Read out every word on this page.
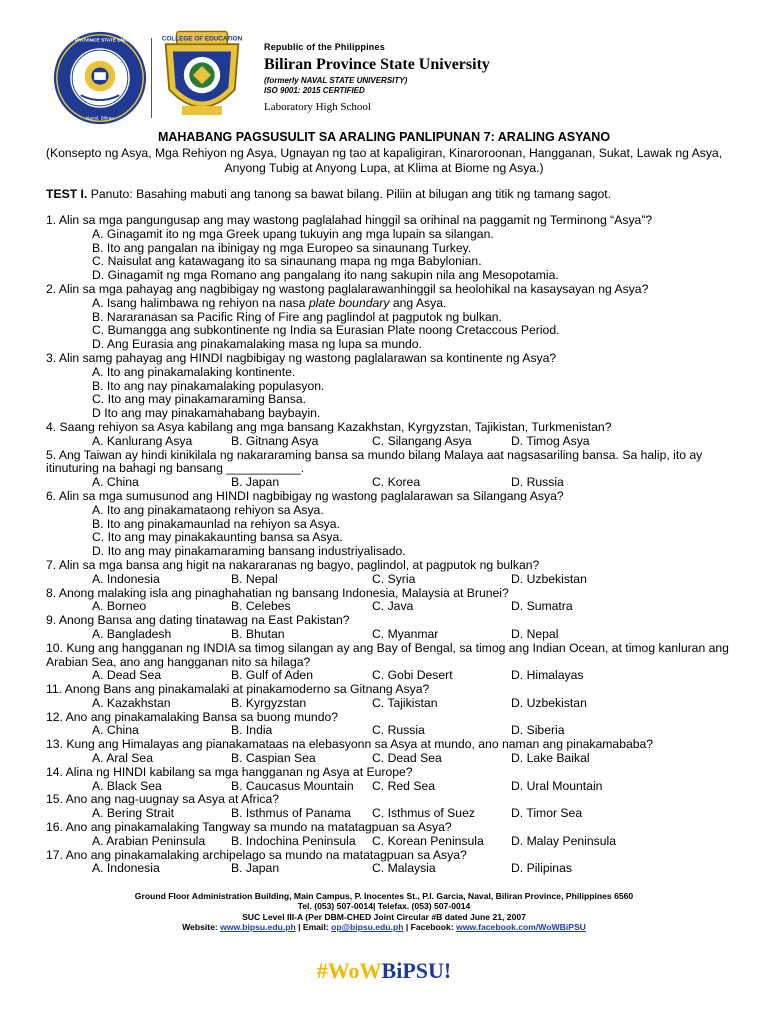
BILIRAN PROVINCE STATE UNIVERSITY
Naval, Biliran
COLLEGE OF EDUCATION
Republic of the Philippines
Biliran Province State University
(formerly NAVAL STATE UNIVERSITY)
ISO 9001: 2015 CERTIFIED
Laboratory High School
MAHABANG PAGSUSULIT SA ARALING PANLIPUNAN 7: ARALING ASYANO
(Konsepto ng Asya, Mga Rehiyon ng Asya, Ugnayan ng tao at kapaligiran, Kinaroroonan, Hangganan, Sukat, Lawak ng Asya, Anyong Tubig at Anyong Lupa, at Klima at Biome ng Asya.)
TEST I. Panuto: Basahing mabuti ang tanong sa bawat bilang. Piliin at bilugan ang titik ng tamang sagot.
1. Alin sa mga pangungusap ang may wastong paglalahad hinggil sa orihinal na paggamit ng Terminong “Asya”?
A. Ginagamit ito ng mga Greek upang tukuyin ang mga lupain sa silangan.
B. Ito ang pangalan na ibinigay ng mga Europeo sa sinaunang Turkey.
C. Naisulat ang katawagang ito sa sinaunang mapa ng mga Babylonian.
D. Ginagamit ng mga Romano ang pangalang ito nang sakupin nila ang Mesopotamia.
2. Alin sa mga pahayag ang nagbibigay ng wastong paglalarawanhinggil sa heolohikal na kasaysayan ng Asya?
A. Isang halimbawa ng rehiyon na nasa plate boundary ang Asya.
B. Nararanasan sa Pacific Ring of Fire ang paglindol at pagputok ng bulkan.
C. Bumangga ang subkontinente ng India sa Eurasian Plate noong Cretaccous Period.
D. Ang Eurasia ang pinakamalaking masa ng lupa sa mundo.
3. Alin samg pahayag ang HINDI nagbibigay ng wastong paglalarawan sa kontinente ng Asya?
A. Ito ang pinakamalaking kontinente.
B. Ito ang nay pinakamalaking populasyon.
C. Ito ang may pinakamaraming Bansa.
D Ito ang may pinakamahabang baybayin.
4. Saang rehiyon sa Asya kabilang ang mga bansang Kazakhstan, Kyrgyzstan, Tajikistan, Turkmenistan?
A. Kanlurang Asya	B. Gitnang Asya	C. Silangang Asya	D. Timog Asya
5. Ang Taiwan ay hindi kinikilala ng nakararaming bansa sa mundo bilang Malaya aat nagsasariling bansa. Sa halip, ito ay itinuturing na bahagi ng bansang ___________.
A. China	B. Japan	C. Korea	D. Russia
6. Alin sa mga sumusunod ang HINDI nagbibigay ng wastong paglalarawan sa Silangang Asya?
A. Ito ang pinakamataong rehiyon sa Asya.
B. Ito ang pinakamaunlad na rehiyon sa Asya.
C. Ito ang may pinakakaunting bansa sa Asya.
D. Ito ang may pinakamaraming bansang industriyalisado.
7. Alin sa mga bansa ang higit na nakararanas ng bagyo, paglindol, at pagputok ng bulkan?
A. Indonesia	B. Nepal	C. Syria	D. Uzbekistan
8. Anong malaking isla ang pinaghahatian ng bansang Indonesia, Malaysia at Brunei?
A. Borneo	B. Celebes	C. Java	D. Sumatra
9. Anong Bansa ang dating tinatawag na East Pakistan?
A. Bangladesh	B. Bhutan	C. Myanmar	D. Nepal
10. Kung ang hangganan ng INDIA sa timog silangan ay ang Bay of Bengal, sa timog ang Indian Ocean, at timog kanluran ang Arabian Sea, ano ang hangganan nito sa hilaga?
A. Dead Sea	B. Gulf of Aden	C. Gobi Desert	D. Himalayas
11. Anong Bans ang pinakamalaki at pinakamoderno sa Gitnang Asya?
A. Kazakhstan	B. Kyrgyzstan	C. Tajikistan	D. Uzbekistan
12. Ano ang pinakamalaking Bansa sa buong mundo?
A. China	B. India	C. Russia	D. Siberia
13. Kung ang Himalayas ang pianakamataas na elebasyonn sa Asya at mundo, ano naman ang pinakamababa?
A. Aral Sea	B. Caspian Sea	C. Dead Sea	D. Lake Baikal
14. Alina ng HINDI kabilang sa mga hangganan ng Asya at Europe?
A. Black Sea	B. Caucasus Mountain	C. Red Sea	D. Ural Mountain
15. Ano ang nag-uugnay sa Asya at Africa?
A. Bering Strait	B. Isthmus of Panama	C. Isthmus of Suez	D. Timor Sea
16. Ano ang pinakamalaking Tangway sa mundo na matatagpuan sa Asya?
A. Arabian Peninsula	B. Indochina Peninsula	C. Korean Peninsula	D. Malay Peninsula
17. Ano ang pinakamalaking archipelago sa mundo na matatagpuan sa Asya?
A. Indonesia	B. Japan	C. Malaysia	D. Pilipinas
Ground Floor Administration Building, Main Campus, P. Inocentes St., P.I. Garcia, Naval, Biliran Province, Philippines 6560
Tel. (053) 507-0014| Telefax. (053) 507-0014
SUC Level III-A (Per DBM-CHED Joint Circular #B dated June 21, 2007
Website: www.bipsu.edu.ph | Email: op@bipsu.edu.ph | Facebook: www.facebook.com/WoWBiPSU
#WoWBiPSU!
